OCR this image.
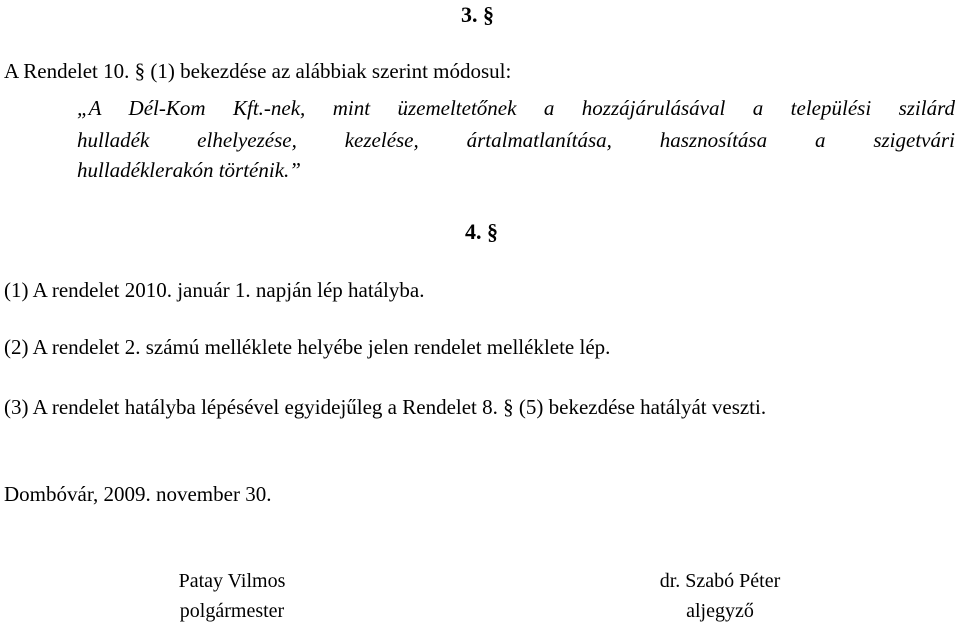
3. §

A Rendelet 10. § (1) bekezdése az alábbiak szerint módosul:

„A Dél-Kom Kft.-nek, mint üzemeltetőnek a hozzájárulásával a települési szilárd

hulladék elhelyezése, kezelése, ártalmatlanítása, hasznosítása a szigetvári

hulladéklerakón történik.”

4. §

(1) A rendelet 2010. január 1. napján lép hatályba.

(2) A rendelet 2. számú melléklete helyébe jelen rendelet melléklete lép.

(3) A rendelet hatályba lépésével egyidejűleg a Rendelet 8. § (5) bekezdése hatályát veszti.

Dombóvár, 2009. november 30.

Patay Vilmos

polgármester

dr. Szabó Péter

aljegyző
